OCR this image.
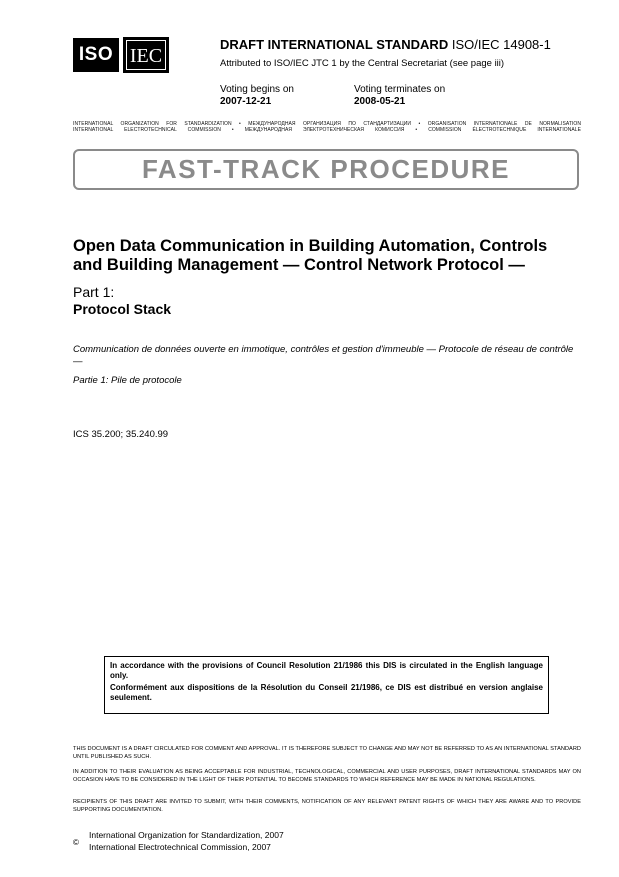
ISO IEC
DRAFT INTERNATIONAL STANDARD ISO/IEC 14908-1
Attributed to ISO/IEC JTC 1 by the Central Secretariat (see page iii)
Voting begins on
2007-12-21
Voting terminates on
2008-05-21
INTERNATIONAL ORGANIZATION FOR STANDARDIZATION • МЕЖДУНАРОДНАЯ ОРГАНИЗАЦИЯ ПО СТАНДАРТИЗАЦИИ • ORGANISATION INTERNATIONALE DE NORMALISATION
INTERNATIONAL ELECTROTECHNICAL COMMISSION • МЕЖДУНАРОДНАЯ ЭЛЕКТРОТЕХНИЧЕСКАЯ КОМИССИЯ • COMMISSION ÉLECTROTECHNIQUE INTERNATIONALE
FAST-TRACK PROCEDURE
Open Data Communication in Building Automation, Controls and Building Management — Control Network Protocol —
Part 1:
Protocol Stack
Communication de données ouverte en immotique, contrôles et gestion d'immeuble — Protocole de réseau de contrôle —
Partie 1: Pile de protocole
ICS 35.200; 35.240.99

In accordance with the provisions of Council Resolution 21/1986 this DIS is circulated in the English language only.

Conformément aux dispositions de la Résolution du Conseil 21/1986, ce DIS est distribué en version anglaise seulement.

THIS DOCUMENT IS A DRAFT CIRCULATED FOR COMMENT AND APPROVAL. IT IS THEREFORE SUBJECT TO CHANGE AND MAY NOT BE REFERRED TO AS AN INTERNATIONAL STANDARD UNTIL PUBLISHED AS SUCH.
IN ADDITION TO THEIR EVALUATION AS BEING ACCEPTABLE FOR INDUSTRIAL, TECHNOLOGICAL, COMMERCIAL AND USER PURPOSES, DRAFT INTERNATIONAL STANDARDS MAY ON OCCASION HAVE TO BE CONSIDERED IN THE LIGHT OF THEIR POTENTIAL TO BECOME STANDARDS TO WHICH REFERENCE MAY BE MADE IN NATIONAL REGULATIONS.
RECIPIENTS OF THIS DRAFT ARE INVITED TO SUBMIT, WITH THEIR COMMENTS, NOTIFICATION OF ANY RELEVANT PATENT RIGHTS OF WHICH THEY ARE AWARE AND TO PROVIDE SUPPORTING DOCUMENTATION.
©
International Organization for Standardization, 2007
International Electrotechnical Commission, 2007
